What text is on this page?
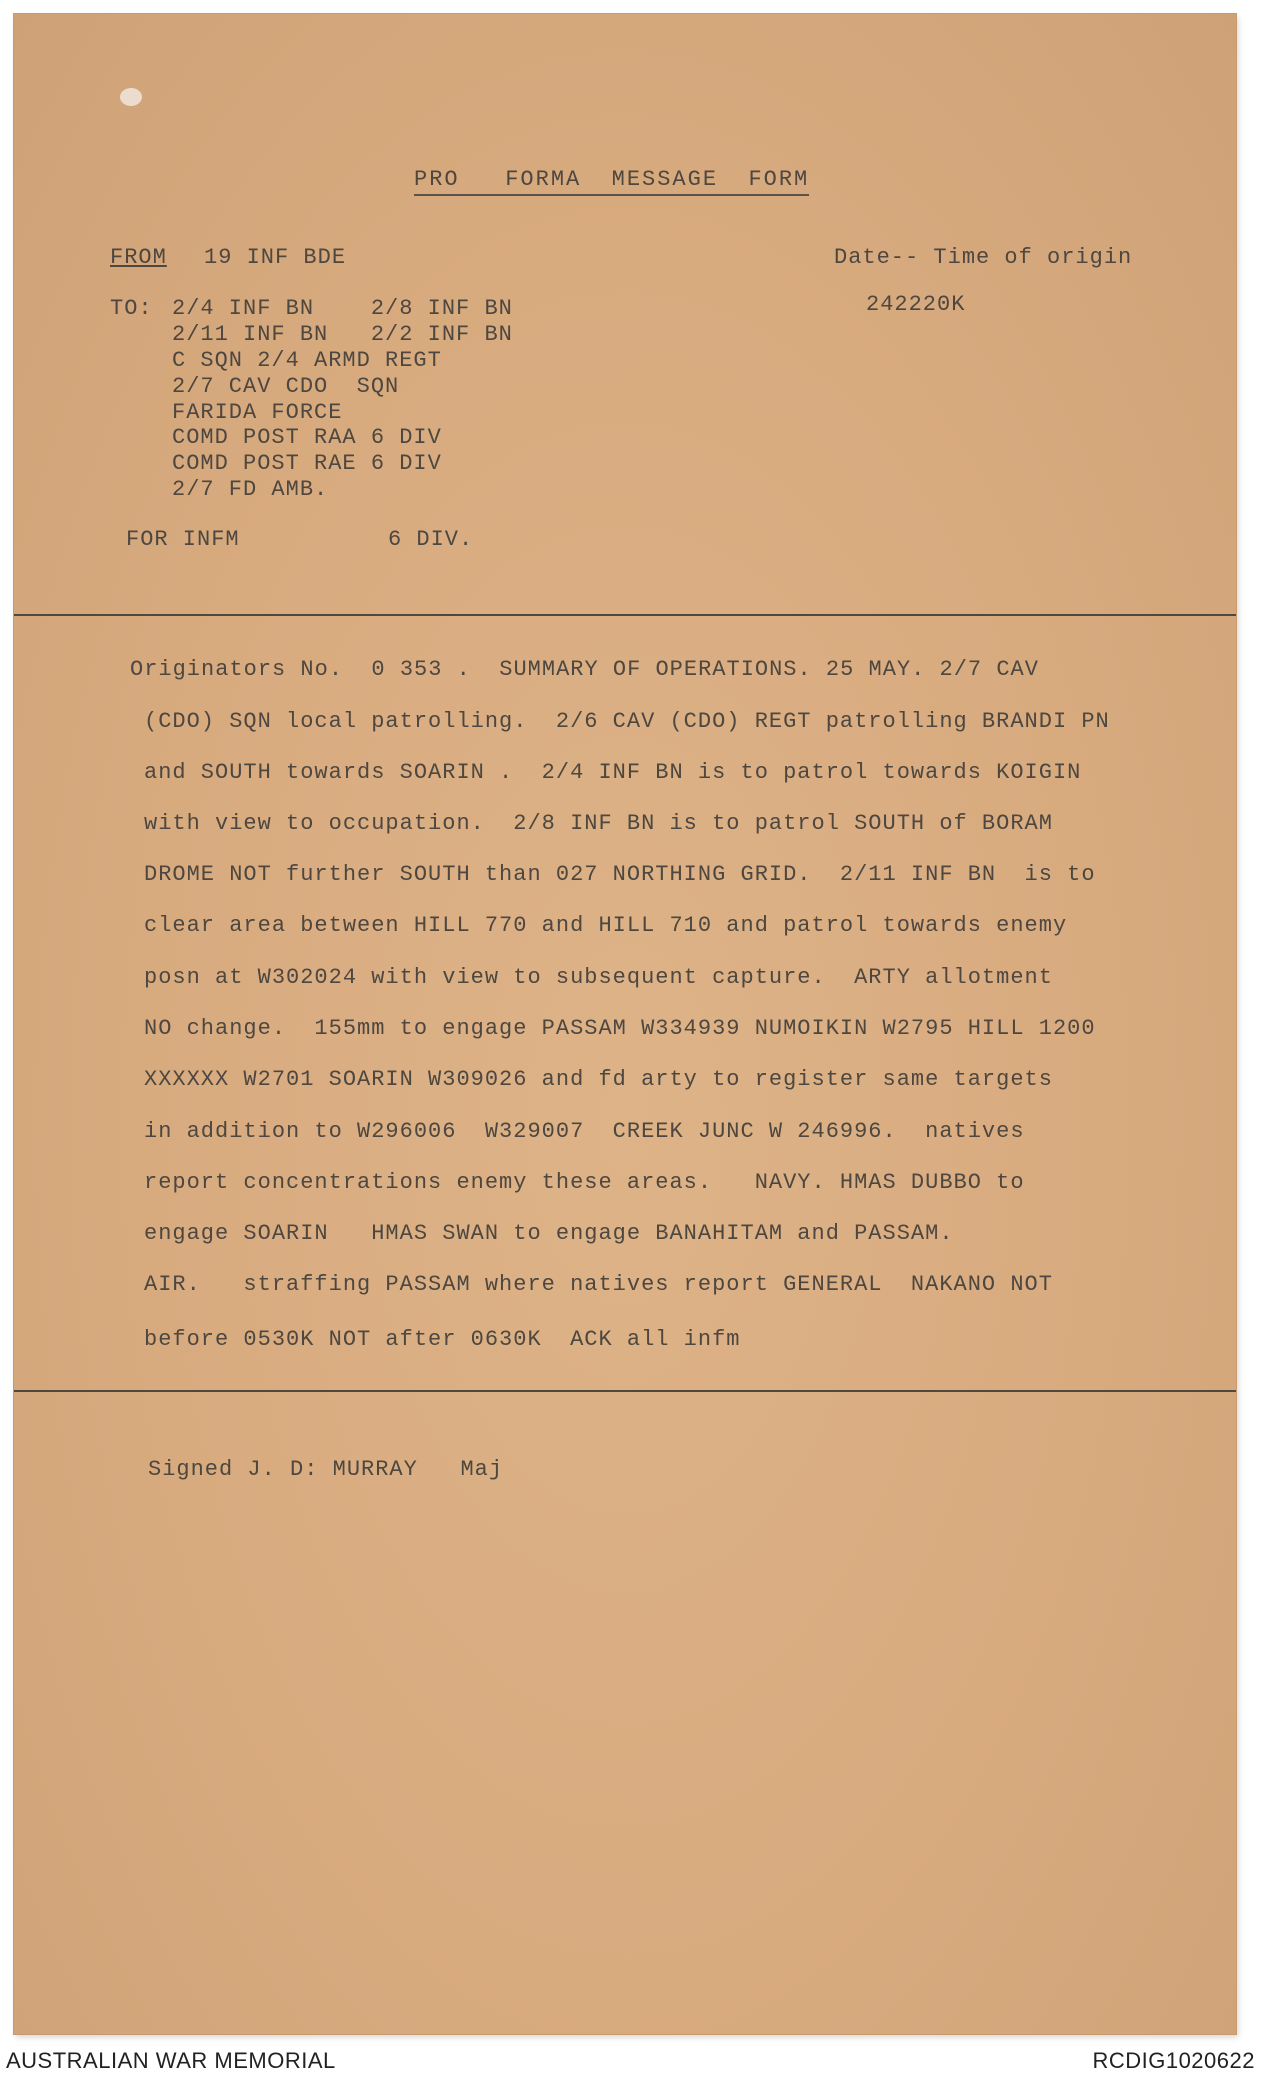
PRO   FORMA  MESSAGE  FORM
FROM 19 INF BDE	Date-- Time of origin
242220K
TO: 2/4 INF BN    2/8 INF BN
2/11 INF BN   2/2 INF BN
C SQN 2/4 ARMD REGT
2/7 CAV CDO  SQN
FARIDA FORCE
COMD POST RAA 6 DIV
COMD POST RAE 6 DIV
2/7 FD AMB.
FOR INFM	6 DIV.
Originators No.  0 353 .  SUMMARY OF OPERATIONS. 25 MAY. 2/7 CAV
(CDO) SQN local patrolling.  2/6 CAV (CDO) REGT patrolling BRANDI PN
and SOUTH towards SOARIN .  2/4 INF BN is to patrol towards KOIGIN
with view to occupation.  2/8 INF BN is to patrol SOUTH of BORAM
DROME NOT further SOUTH than 027 NORTHING GRID.  2/11 INF BN  is to
clear area between HILL 770 and HILL 710 and patrol towards enemy
posn at W302024 with view to subsequent capture.  ARTY allotment
NO change.  155mm to engage PASSAM W334939 NUMOIKIN W2795 HILL 1200
XXXXXX W2701 SOARIN W309026 and fd arty to register same targets
in addition to W296006  W329007  CREEK JUNC W 246996.  natives
report concentrations enemy these areas.   NAVY. HMAS DUBBO to
engage SOARIN   HMAS SWAN to engage BANAHITAM and PASSAM.
AIR.   straffing PASSAM where natives report GENERAL  NAKANO NOT
before 0530K NOT after 0630K  ACK all infm
Signed J. D: MURRAY   Maj
AUSTRALIAN WAR MEMORIAL	RCDIG1020622
